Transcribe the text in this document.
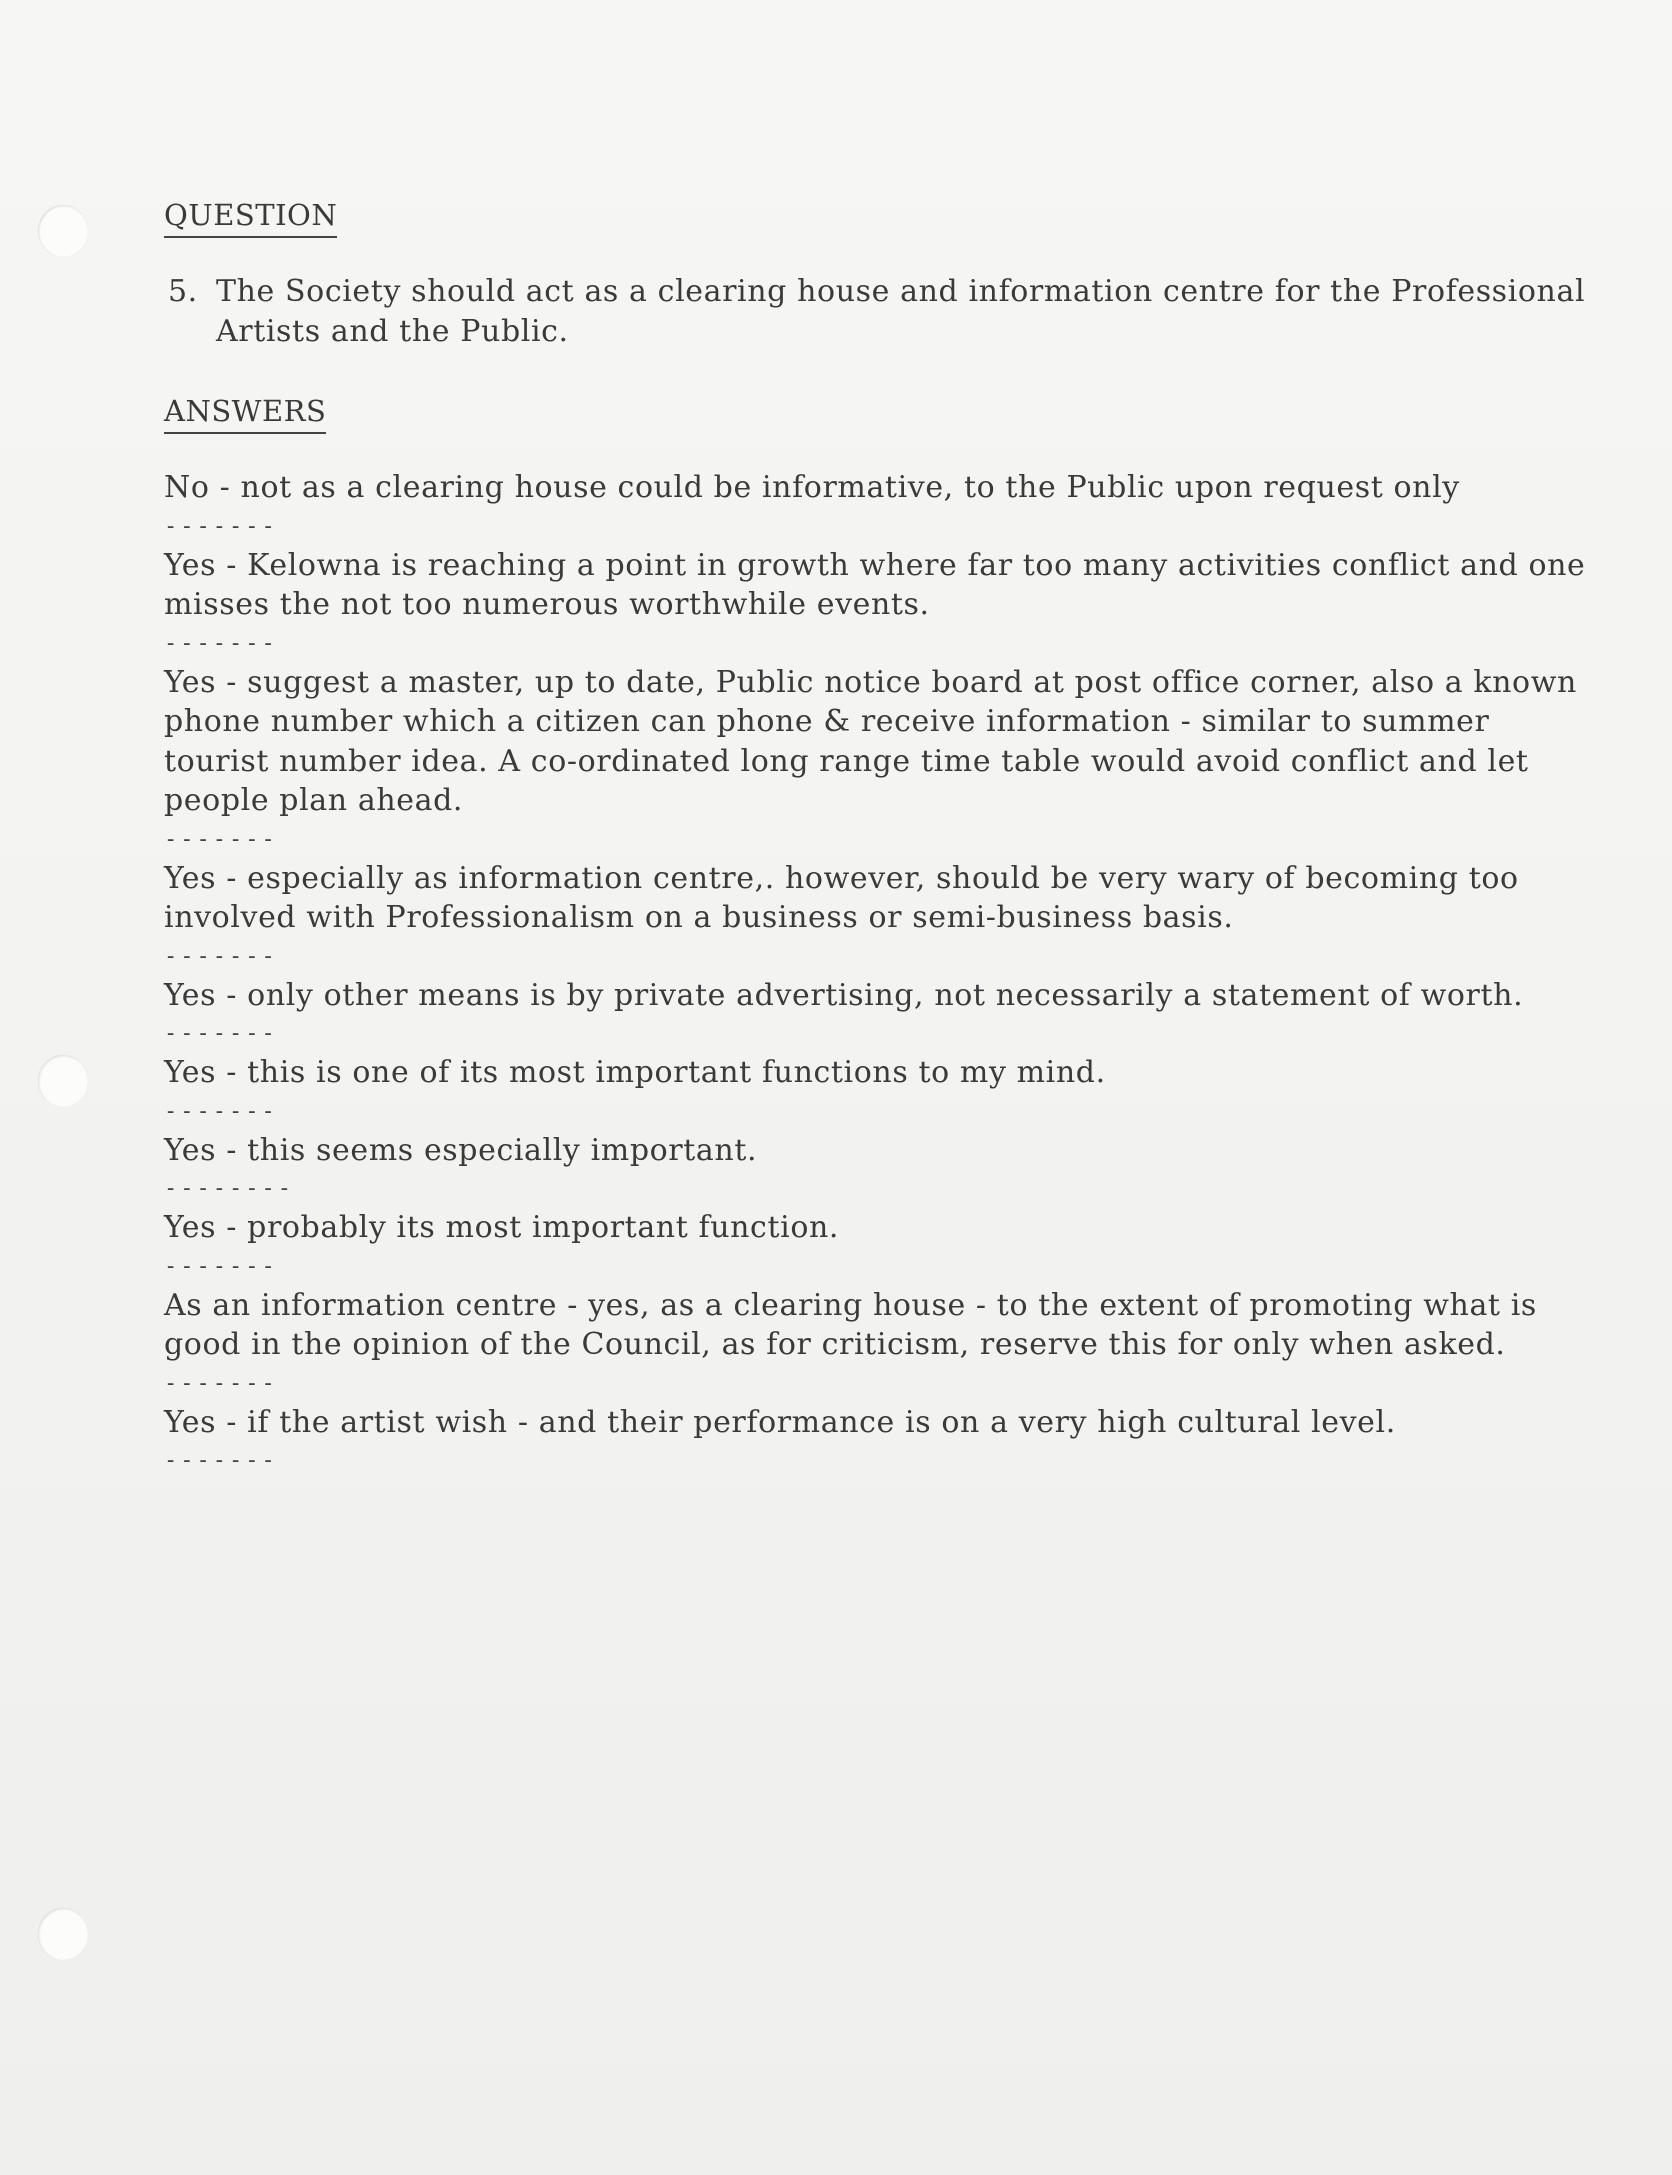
QUESTION
5. The Society should act as a clearing house and information centre for the Professional Artists and the Public.
ANSWERS

No - not as a clearing house could be informative, to the Public upon request only

-------

Yes - Kelowna is reaching a point in growth where far too many activities conflict and one misses the not too numerous worthwhile events.

-------

Yes - suggest a master, up to date, Public notice board at post office corner, also a known phone number which a citizen can phone & receive information - similar to summer tourist number idea. A co-ordinated long range time table would avoid conflict and let people plan ahead.

-------

Yes - especially as information centre,. however, should be very wary of becoming too involved with Professionalism on a business or semi-business basis.

-------

Yes - only other means is by private advertising, not necessarily a statement of worth.

-------

Yes - this is one of its most important functions to my mind.

-------

Yes - this seems especially important.

--------

Yes - probably its most important function.

-------

As an information centre - yes, as a clearing house - to the extent of promoting what is good in the opinion of the Council, as for criticism, reserve this for only when asked.

-------

Yes - if the artist wish - and their performance is on a very high cultural level.

-------
